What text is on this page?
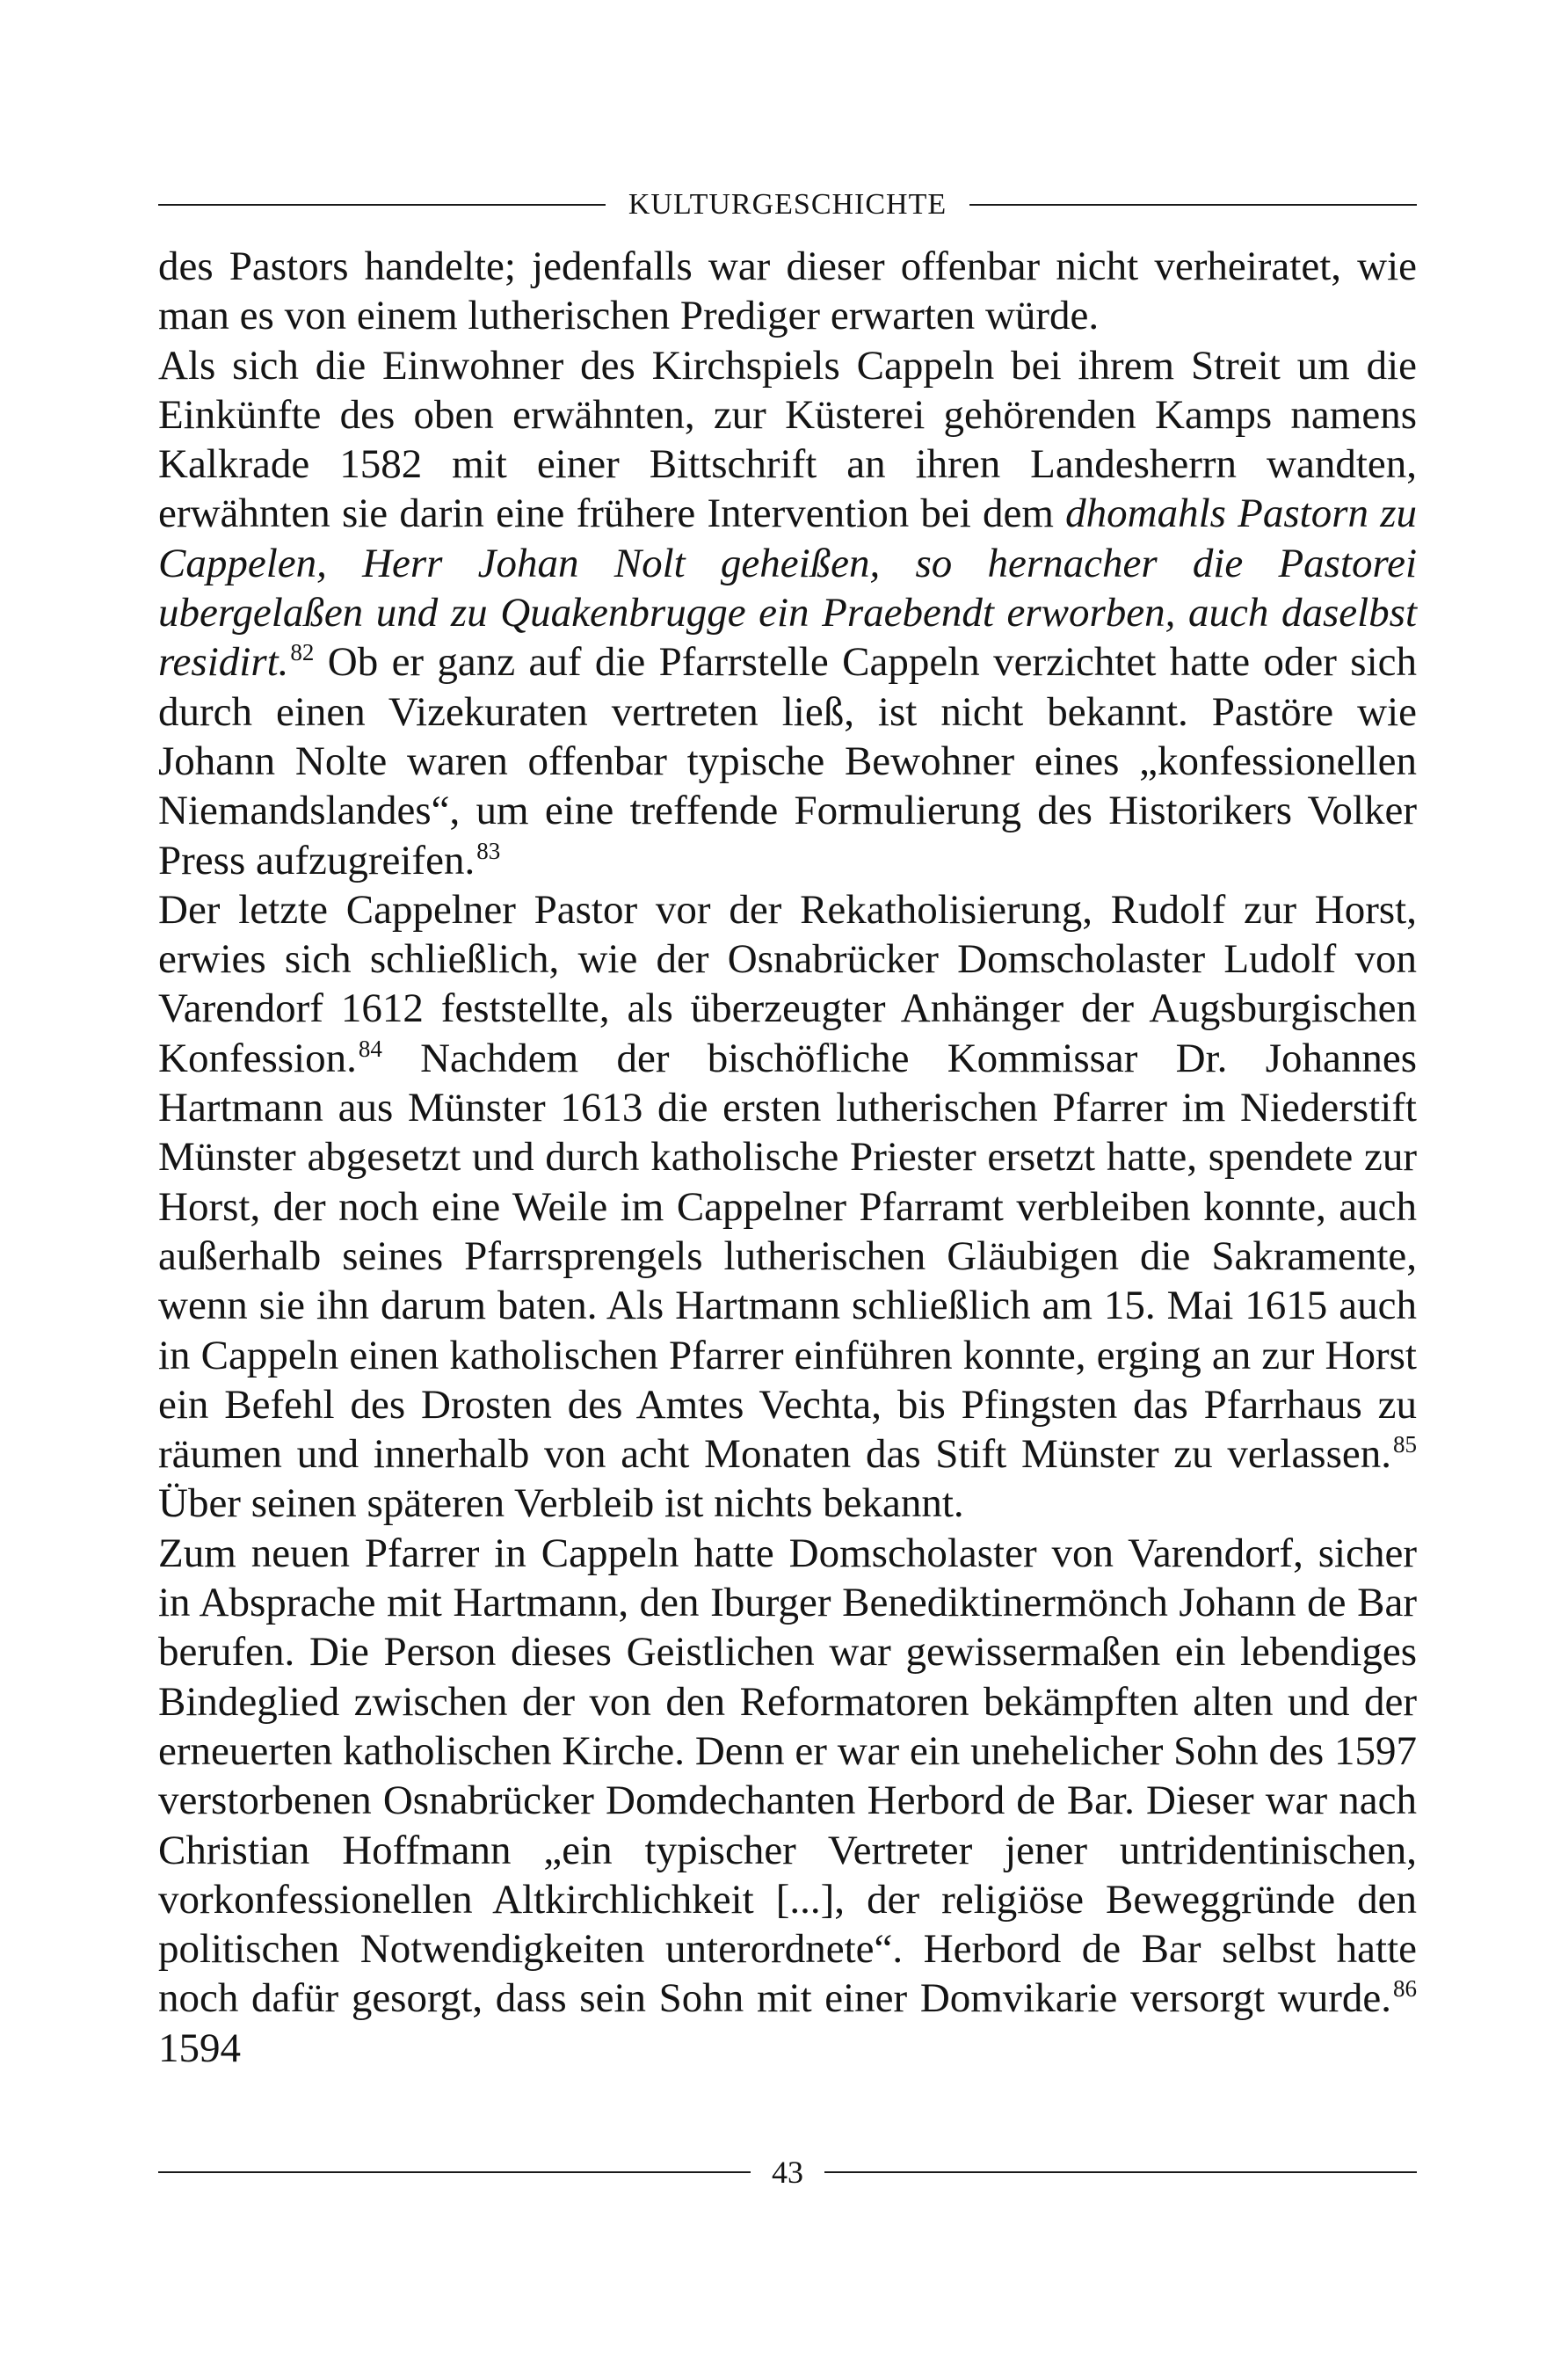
KULTURGESCHICHTE

des Pastors handelte; jedenfalls war dieser offenbar nicht verheiratet, wie man es von einem lutherischen Prediger erwarten würde.

Als sich die Einwohner des Kirchspiels Cappeln bei ihrem Streit um die Einkünfte des oben erwähnten, zur Küsterei gehörenden Kamps namens Kalkrade 1582 mit einer Bittschrift an ihren Landesherrn wandten, erwähnten sie darin eine frühere Intervention bei dem dhomahls Pastorn zu Cappelen, Herr Johan Nolt geheißen, so hernacher die Pastorei ubergelaßen und zu Quakenbrugge ein Praebendt erworben, auch daselbst residirt.$^{82}$ Ob er ganz auf die Pfarrstelle Cappeln verzichtet hatte oder sich durch einen Vizekuraten vertreten ließ, ist nicht bekannt. Pastöre wie Johann Nolte waren offenbar typische Bewohner eines „konfessionellen Niemandslandes“, um eine treffende Formulierung des Historikers Volker Press aufzugreifen.$^{83}$

Der letzte Cappelner Pastor vor der Rekatholisierung, Rudolf zur Horst, erwies sich schließlich, wie der Osnabrücker Domscholaster Ludolf von Varendorf 1612 feststellte, als überzeugter Anhänger der Augsburgischen Konfession.$^{84}$ Nachdem der bischöfliche Kommissar Dr. Johannes Hartmann aus Münster 1613 die ersten lutherischen Pfarrer im Niederstift Münster abgesetzt und durch katholische Priester ersetzt hatte, spendete zur Horst, der noch eine Weile im Cappelner Pfarramt verbleiben konnte, auch außerhalb seines Pfarrsprengels lutherischen Gläubigen die Sakramente, wenn sie ihn darum baten. Als Hartmann schließlich am 15. Mai 1615 auch in Cappeln einen katholischen Pfarrer einführen konnte, erging an zur Horst ein Befehl des Drosten des Amtes Vechta, bis Pfingsten das Pfarrhaus zu räumen und innerhalb von acht Monaten das Stift Münster zu verlassen.$^{85}$ Über seinen späteren Verbleib ist nichts bekannt.

Zum neuen Pfarrer in Cappeln hatte Domscholaster von Varendorf, sicher in Absprache mit Hartmann, den Iburger Benediktinermönch Johann de Bar berufen. Die Person dieses Geistlichen war gewissermaßen ein lebendiges Bindeglied zwischen der von den Reformatoren bekämpften alten und der erneuerten katholischen Kirche. Denn er war ein unehelicher Sohn des 1597 verstorbenen Osnabrücker Domdechanten Herbord de Bar. Dieser war nach Christian Hoffmann „ein typischer Vertreter jener untridentinischen, vorkonfessionellen Altkirchlichkeit [...], der religiöse Beweggründe den politischen Notwendigkeiten unterordnete“. Herbord de Bar selbst hatte noch dafür gesorgt, dass sein Sohn mit einer Domvikarie versorgt wurde.$^{86}$ 1594

43
